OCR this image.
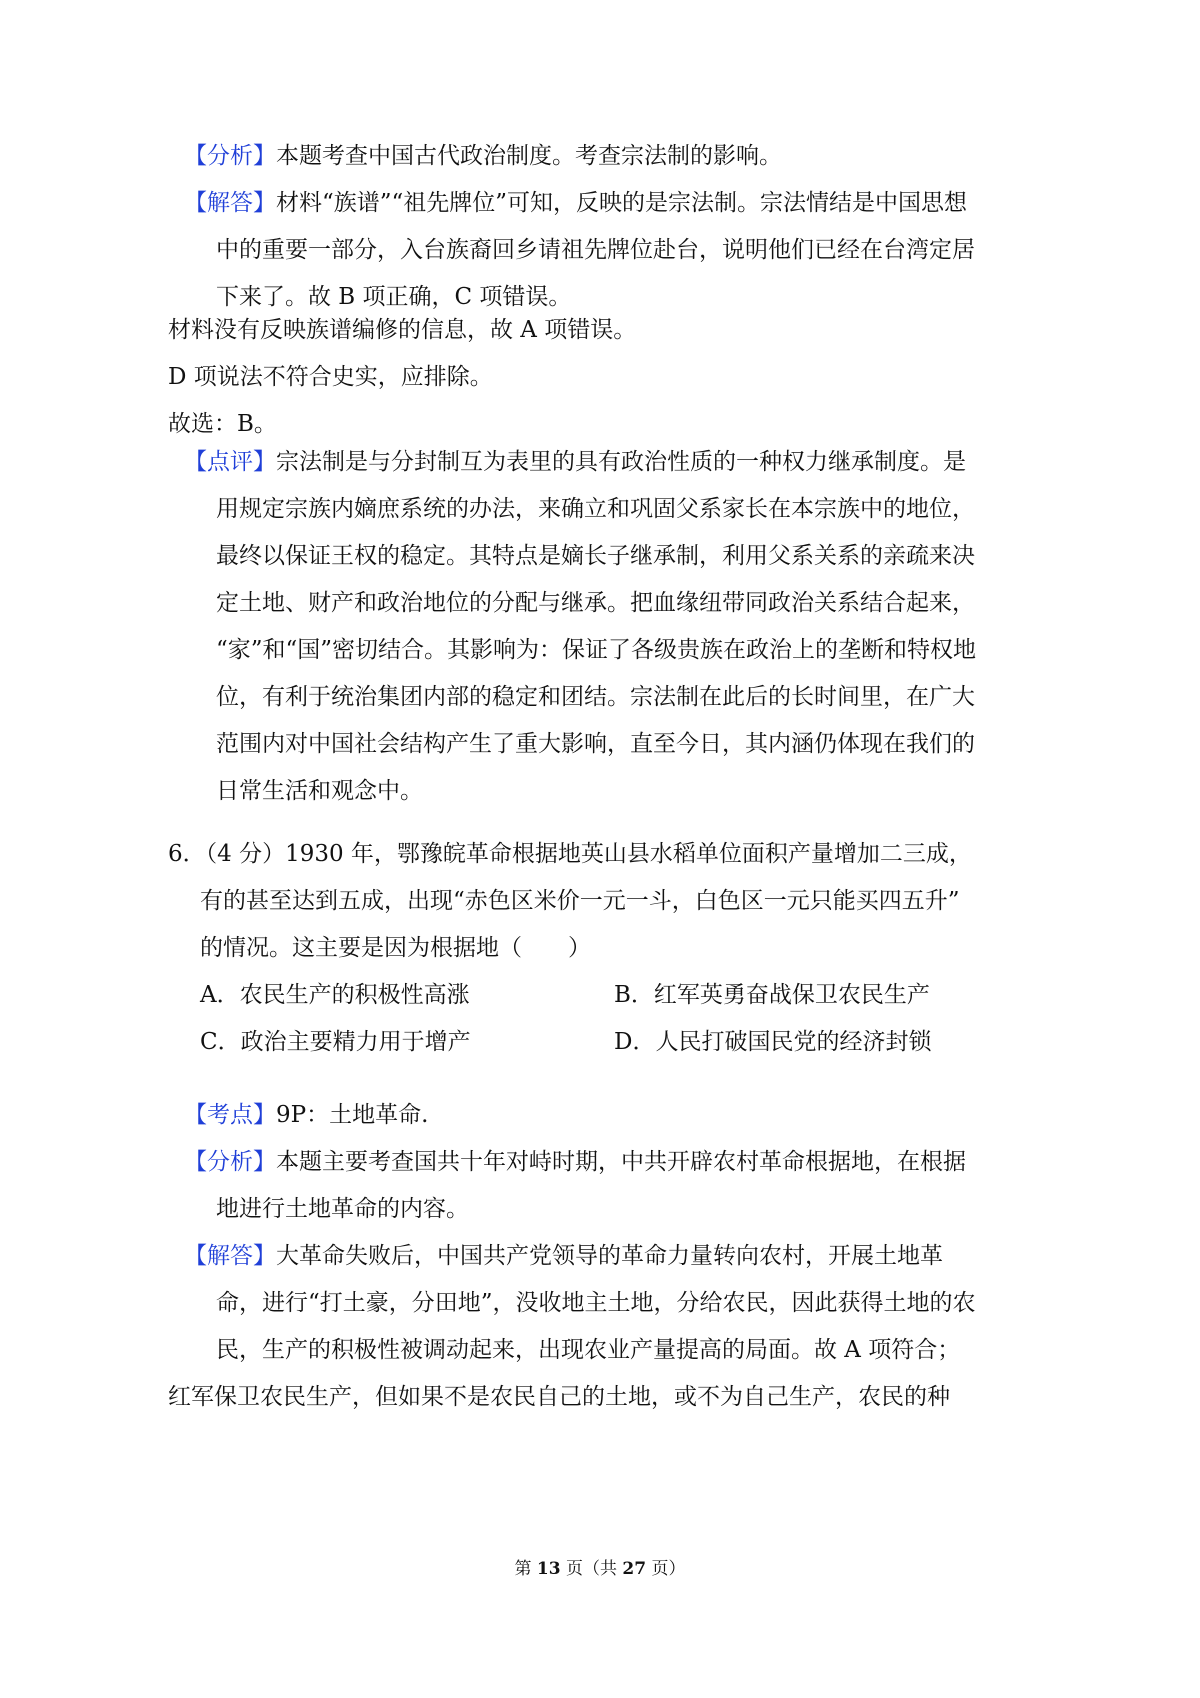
【分析】本题考查中国古代政治制度。考查宗法制的影响。
【解答】材料“族谱”“祖先牌位”可知，反映的是宗法制。宗法情结是中国思想
中的重要一部分，入台族裔回乡请祖先牌位赴台，说明他们已经在台湾定居
下来了。故 B 项正确，C 项错误。
材料没有反映族谱编修的信息，故 A 项错误。
D 项说法不符合史实，应排除。
故选：B。
【点评】宗法制是与分封制互为表里的具有政治性质的一种权力继承制度。是
用规定宗族内嫡庶系统的办法，来确立和巩固父系家长在本宗族中的地位，
最终以保证王权的稳定。其特点是嫡长子继承制，利用父系关系的亲疏来决
定土地、财产和政治地位的分配与继承。把血缘纽带同政治关系结合起来，
“家”和“国”密切结合。其影响为：保证了各级贵族在政治上的垄断和特权地
位，有利于统治集团内部的稳定和团结。宗法制在此后的长时间里，在广大
范围内对中国社会结构产生了重大影响，直至今日，其内涵仍体现在我们的
日常生活和观念中。
6．（4 分）1930 年，鄂豫皖革命根据地英山县水稻单位面积产量增加二三成，
有的甚至达到五成，出现“赤色区米价一元一斗，白色区一元只能买四五升”
的情况。这主要是因为根据地（　　）
A．农民生产的积极性高涨	B．红军英勇奋战保卫农民生产
C．政治主要精力用于增产	D．人民打破国民党的经济封锁
【考点】9P：土地革命.
【分析】本题主要考查国共十年对峙时期，中共开辟农村革命根据地，在根据
地进行土地革命的内容。
【解答】大革命失败后，中国共产党领导的革命力量转向农村，开展土地革
命，进行“打土豪，分田地”，没收地主土地，分给农民，因此获得土地的农
民，生产的积极性被调动起来，出现农业产量提高的局面。故 A 项符合；
红军保卫农民生产，但如果不是农民自己的土地，或不为自己生产，农民的种
第 13 页（共 27 页）
